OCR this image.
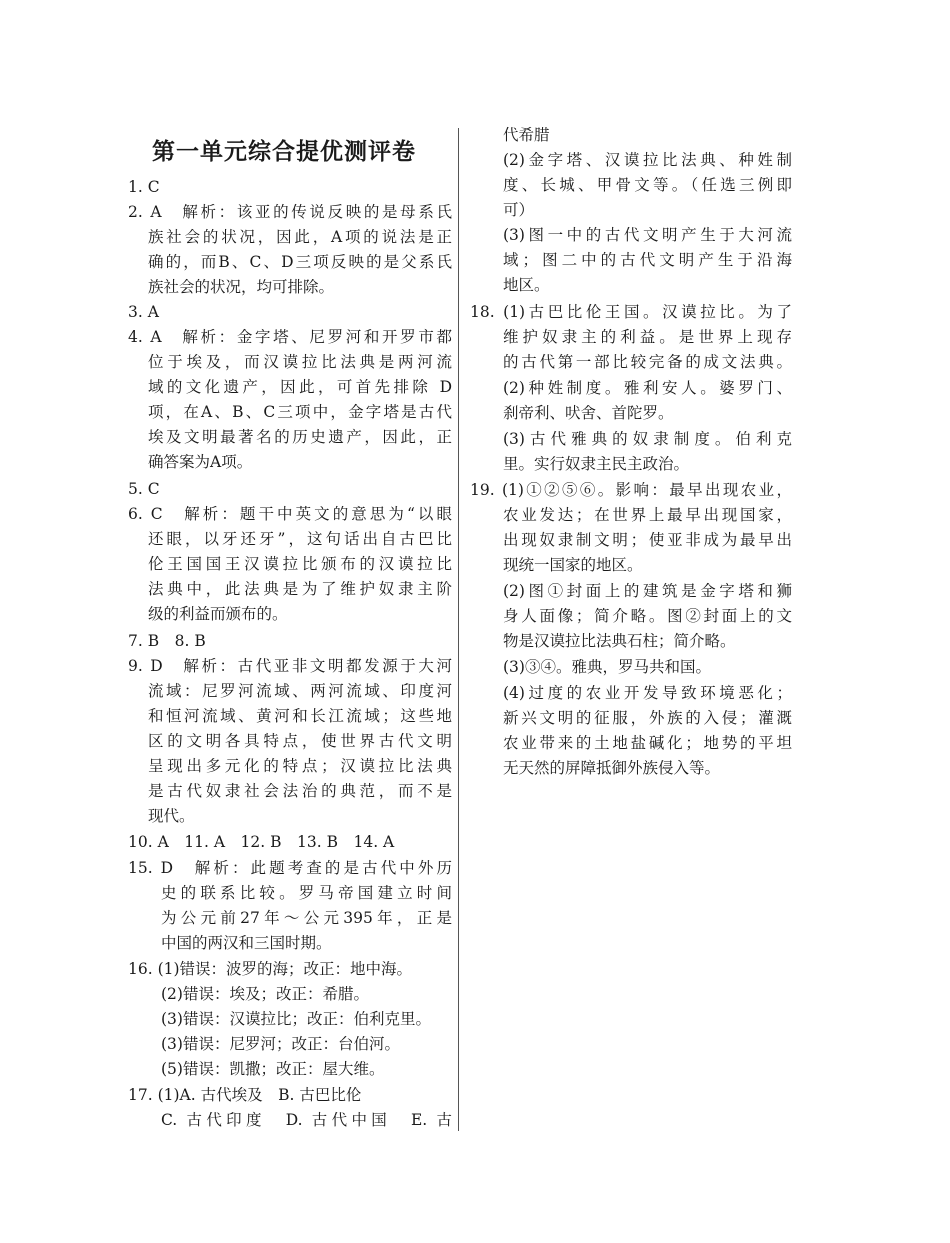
第一单元综合提优测评卷
1. C
2. A　解析：该亚的传说反映的是母系氏
族社会的状况，因此，A项的说法是正
确的，而B、C、D三项反映的是父系氏
族社会的状况，均可排除。
3. A
4. A　解析：金字塔、尼罗河和开罗市都
位于埃及，而汉谟拉比法典是两河流
域的文化遗产，因此，可首先排除 D
项，在A、B、C三项中，金字塔是古代
埃及文明最著名的历史遗产，因此，正
确答案为A项。
5. C
6. C　解析：题干中英文的意思为“以眼
还眼，以牙还牙”，这句话出自古巴比
伦王国国王汉谟拉比颁布的汉谟拉比
法典中，此法典是为了维护奴隶主阶
级的利益而颁布的。
7. B　8. B
9. D　解析：古代亚非文明都发源于大河
流域：尼罗河流域、两河流域、印度河
和恒河流域、黄河和长江流域；这些地
区的文明各具特点，使世界古代文明
呈现出多元化的特点；汉谟拉比法典
是古代奴隶社会法治的典范，而不是
现代。
10. A　11. A　12. B　13. B　14. A
15. D　解析：此题考查的是古代中外历
史的联系比较。罗马帝国建立时间
为公元前27年～公元395年，正是
中国的两汉和三国时期。
16. (1)错误：波罗的海；改正：地中海。
(2)错误：埃及；改正：希腊。
(3)错误：汉谟拉比；改正：伯利克里。
(3)错误：尼罗河；改正：台伯河。
(5)错误：凯撒；改正：屋大维。
17. (1)A. 古代埃及　B. 古巴比伦
C. 古代印度　D. 古代中国　E. 古
代希腊
(2)金字塔、汉谟拉比法典、种姓制
度、长城、甲骨文等。（任选三例即
可）
(3)图一中的古代文明产生于大河流
域；图二中的古代文明产生于沿海
地区。
18. (1)古巴比伦王国。汉谟拉比。为了
维护奴隶主的利益。是世界上现存
的古代第一部比较完备的成文法典。
(2)种姓制度。雅利安人。婆罗门、
刹帝利、吠舍、首陀罗。
(3)古代雅典的奴隶制度。伯利克
里。实行奴隶主民主政治。
19. (1)①②⑤⑥。影响：最早出现农业，
农业发达；在世界上最早出现国家，
出现奴隶制文明；使亚非成为最早出
现统一国家的地区。
(2)图①封面上的建筑是金字塔和狮
身人面像；简介略。图②封面上的文
物是汉谟拉比法典石柱；简介略。
(3)③④。雅典，罗马共和国。
(4)过度的农业开发导致环境恶化；
新兴文明的征服，外族的入侵；灌溉
农业带来的土地盐碱化；地势的平坦
无天然的屏障抵御外族侵入等。
